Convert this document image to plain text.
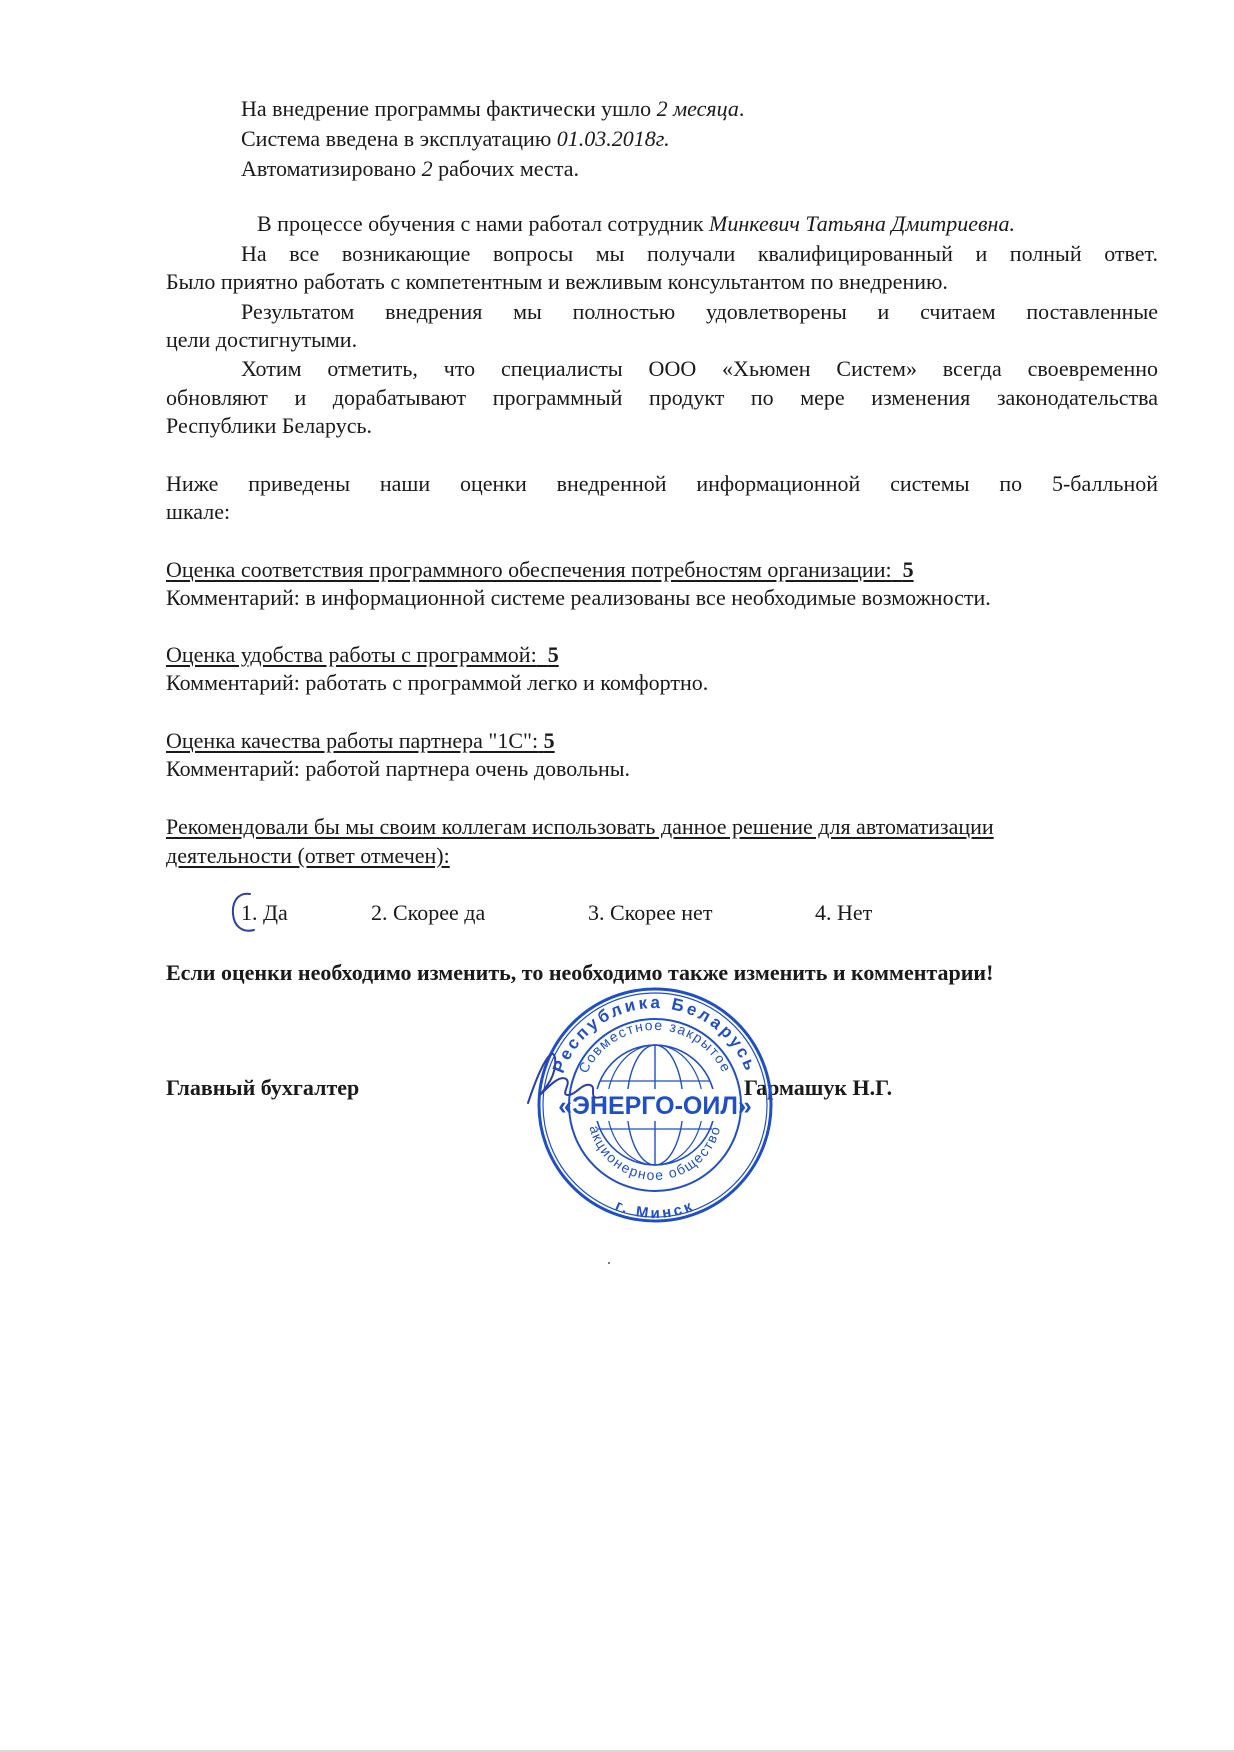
На внедрение программы фактически ушло 2 месяца.
Система введена в эксплуатацию 01.03.2018г.
Автоматизировано 2 рабочих места.
В процессе обучения с нами работал сотрудник Минкевич Татьяна Дмитриевна.
На все возникающие вопросы мы получали квалифицированный и полный ответ.
Было приятно работать с компетентным и вежливым консультантом по внедрению.
Результатом внедрения мы полностью удовлетворены и считаем поставленные
цели достигнутыми.
Хотим отметить, что специалисты ООО «Хьюмен Систем» всегда своевременно
обновляют и дорабатывают программный продукт по мере изменения законодательства
Республики Беларусь.
Ниже приведены наши оценки внедренной информационной системы по 5-балльной
шкале:
Оценка соответствия программного обеспечения потребностям организации: 5
Комментарий: в информационной системе реализованы все необходимые возможности.
Оценка удобства работы с программой: 5
Комментарий: работать с программой легко и комфортно.
Оценка качества работы партнера "1С": 5
Комментарий: работой партнера очень довольны.
Рекомендовали бы мы своим коллегам использовать данное решение для автоматизации
деятельности (ответ отмечен):
1. Да	2. Скорее да	3. Скорее нет	4. Нет
Если оценки необходимо изменить, то необходимо также изменить и комментарии!
Главный бухгалтер	Гармашук Н.Г.
«ЭНЕРГО-ОИЛ»
Республика Беларусь
Совместное закрытое
акционерное общество
г. Минск
